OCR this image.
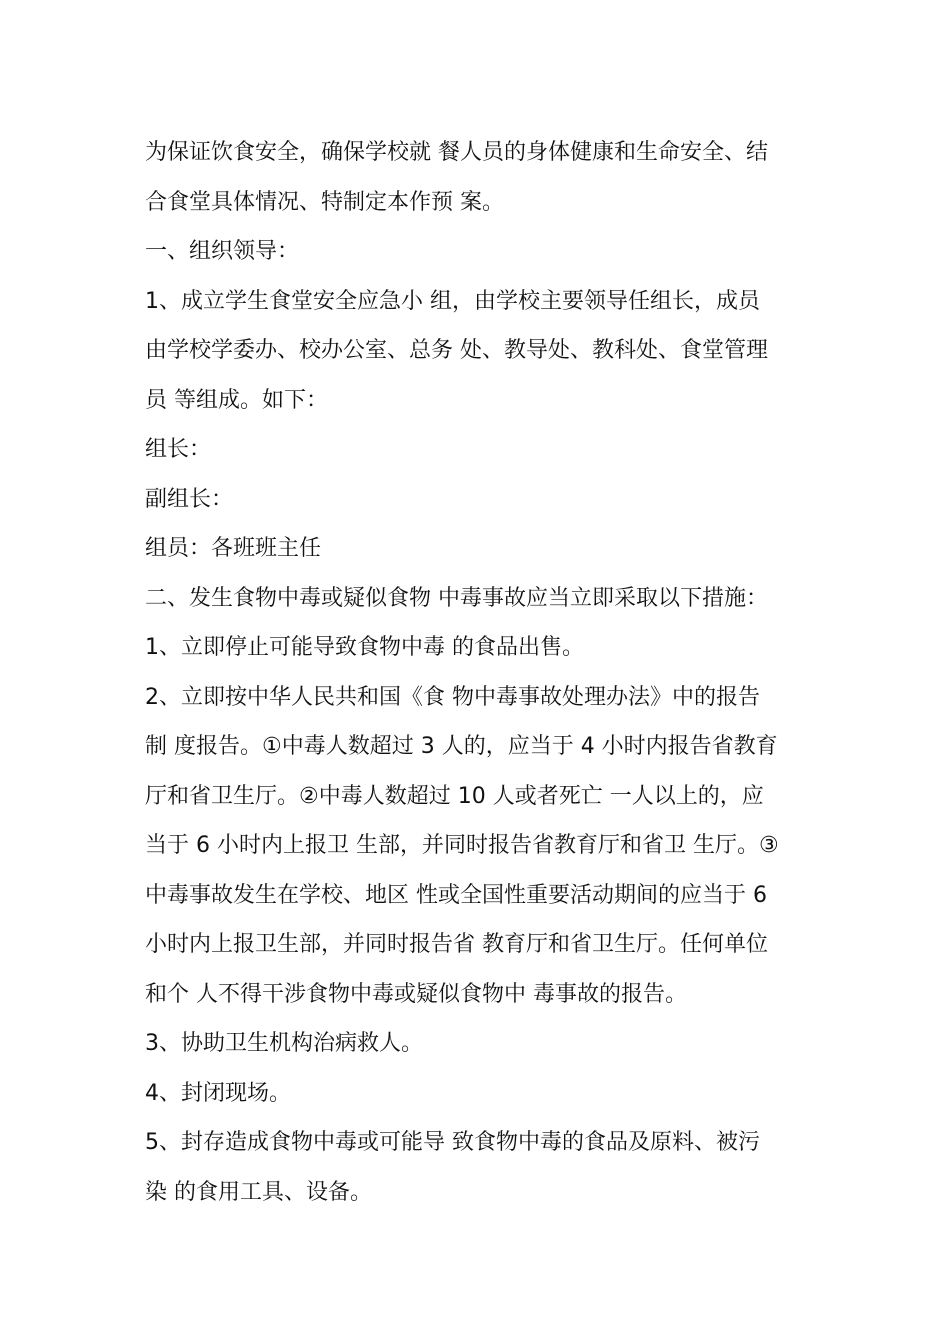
为保证饮食安全，确保学校就 餐人员的身体健康和生命安全、结
合食堂具体情况、特制定本作预 案。
一、组织领导：
1、成立学生食堂安全应急小 组，由学校主要领导任组长，成员
由学校学委办、校办公室、总务 处、教导处、教科处、食堂管理
员 等组成。如下：
组长：
副组长：
组员：各班班主任
二、发生食物中毒或疑似食物 中毒事故应当立即采取以下措施：
1、立即停止可能导致食物中毒 的食品出售。
2、立即按中华人民共和国《食 物中毒事故处理办法》中的报告
制 度报告。①中毒人数超过 3 人的，应当于 4 小时内报告省教育
厅和省卫生厅。②中毒人数超过 10 人或者死亡 一人以上的，应
当于 6 小时内上报卫 生部，并同时报告省教育厅和省卫 生厅。③
中毒事故发生在学校、地区 性或全国性重要活动期间的应当于 6
小时内上报卫生部，并同时报告省 教育厅和省卫生厅。任何单位
和个 人不得干涉食物中毒或疑似食物中 毒事故的报告。
3、协助卫生机构治病救人。
4、封闭现场。
5、封存造成食物中毒或可能导 致食物中毒的食品及原料、被污
染 的食用工具、设备。
